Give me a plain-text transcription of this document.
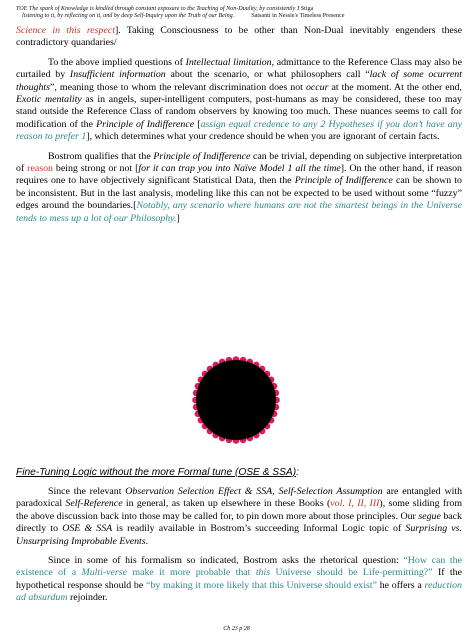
TOE The spark of Knowledge is kindled through constant exposure to the Teaching of Non-Duality, by consistently J Stiga
listening to it, by reflecting on it, and by deep Self-Inquiry upon the Truth of our Being.	Satsanti in Nessie's Timeless Presence

Science in this respect]. Taking Consciousness to be other than Non-Dual inevitably engenders these contradictory quandaries/

To the above implied questions of Intellectual limitation, admittance to the Reference Class may also be curtailed by Insufficient information about the scenario, or what philosophers call “lack of some ocurrent thoughts”, meaning those to whom the relevant discrimination does not occur at the moment. At the other end, Exotic mentality as in angels, super-intelligent computers, post-humans as may be considered, these too may stand outside the Reference Class of random observers by knowing too much. These nuances seems to call for modification of the Principle of Indifference [assign equal credence to any 2 Hypotheses if you don’t have any reason to prefer 1], which determines what your credence should be when you are ignorant of certain facts.

Bostrom qualifies that the Principle of Indifference can be trivial, depending on subjective interpretation of reason being strong or not [for it can trap you into Naïve Model 1 all the time]. On the other hand, if reason requires one to have objectively significant Statistical Data, then the Principle of Indifference can be shown to be inconsistent. But in the last analysis, modeling like this can not be expected to be used without some “fuzzy” edges around the boundaries.[Notably, any scenario where humans are not the smartest beings in the Universe tends to mess up a lot of our Philosophy.]

Fine-Tuning Logic without the more Formal tune (OSE & SSA):

Since the relevant Observation Selection Effect & SSA, Self-Selection Assumption are entangled with paradoxical Self-Reference in general, as taken up elsewhere in these Books (vol. I, II, III), some sliding from the above discussion back into those may be called for, to pin down more about those principles. Our segue back directly to OSE & SSA is readily available in Bostrom’s succeeding Informal Logic topic of Surprising vs. Unsurprising Improbable Events.

Since in some of his formalism so indicated, Bostrom asks the rhetorical question: “How can the existence of a Multi-verse make it more probable that this Universe should be Life-permitting?” If the hypothetical response should be “by making it more likely that this Universe should exist” he offers a reduction ad absurdum rejoinder.

Ch 23 p 28
